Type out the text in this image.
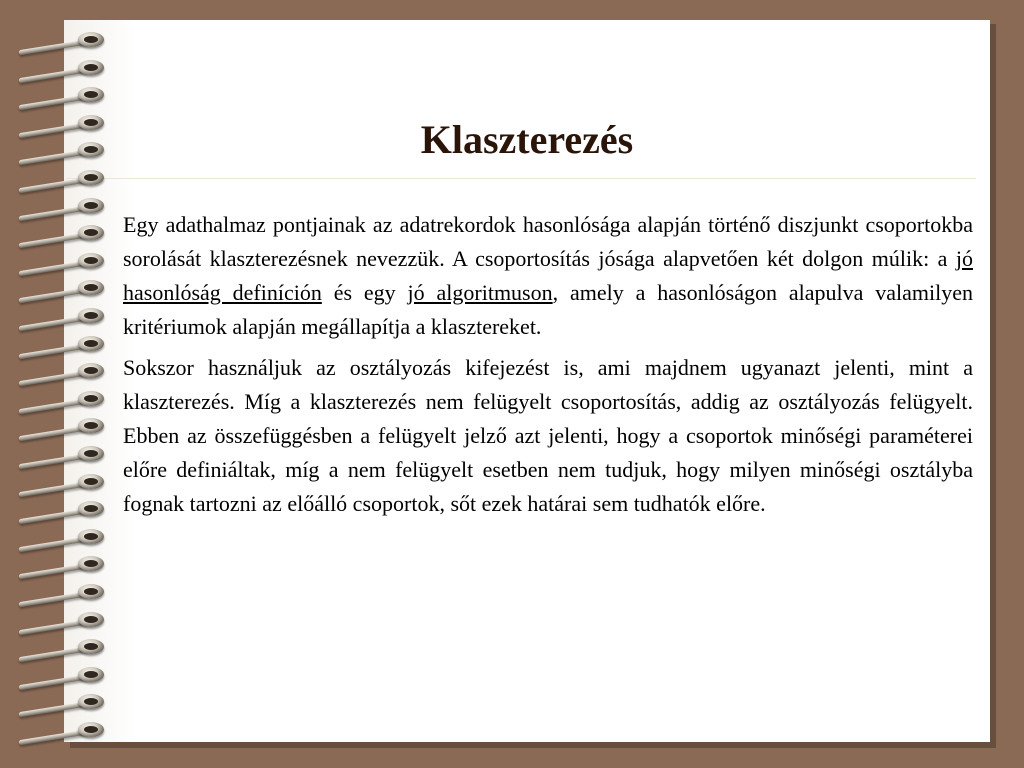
Klaszterezés

Egy adathalmaz pontjainak az adatrekordok hasonlósága alapján történő diszjunkt csoportokba sorolását klaszterezésnek nevezzük. A csoportosítás jósága alapvetően két dolgon múlik: a jó hasonlóság definíción és egy jó algoritmuson, amely a hasonlóságon alapulva valamilyen kritériumok alapján megállapítja a klasztereket.

Sokszor használjuk az osztályozás kifejezést is, ami majdnem ugyanazt jelenti, mint a klaszterezés. Míg a klaszterezés nem felügyelt csoportosítás, addig az osztályozás felügyelt. Ebben az összefüggésben a felügyelt jelző azt jelenti, hogy a csoportok minőségi paraméterei előre definiáltak, míg a nem felügyelt esetben nem tudjuk, hogy milyen minőségi osztályba fognak tartozni az előálló csoportok, sőt ezek határai sem tudhatók előre.
